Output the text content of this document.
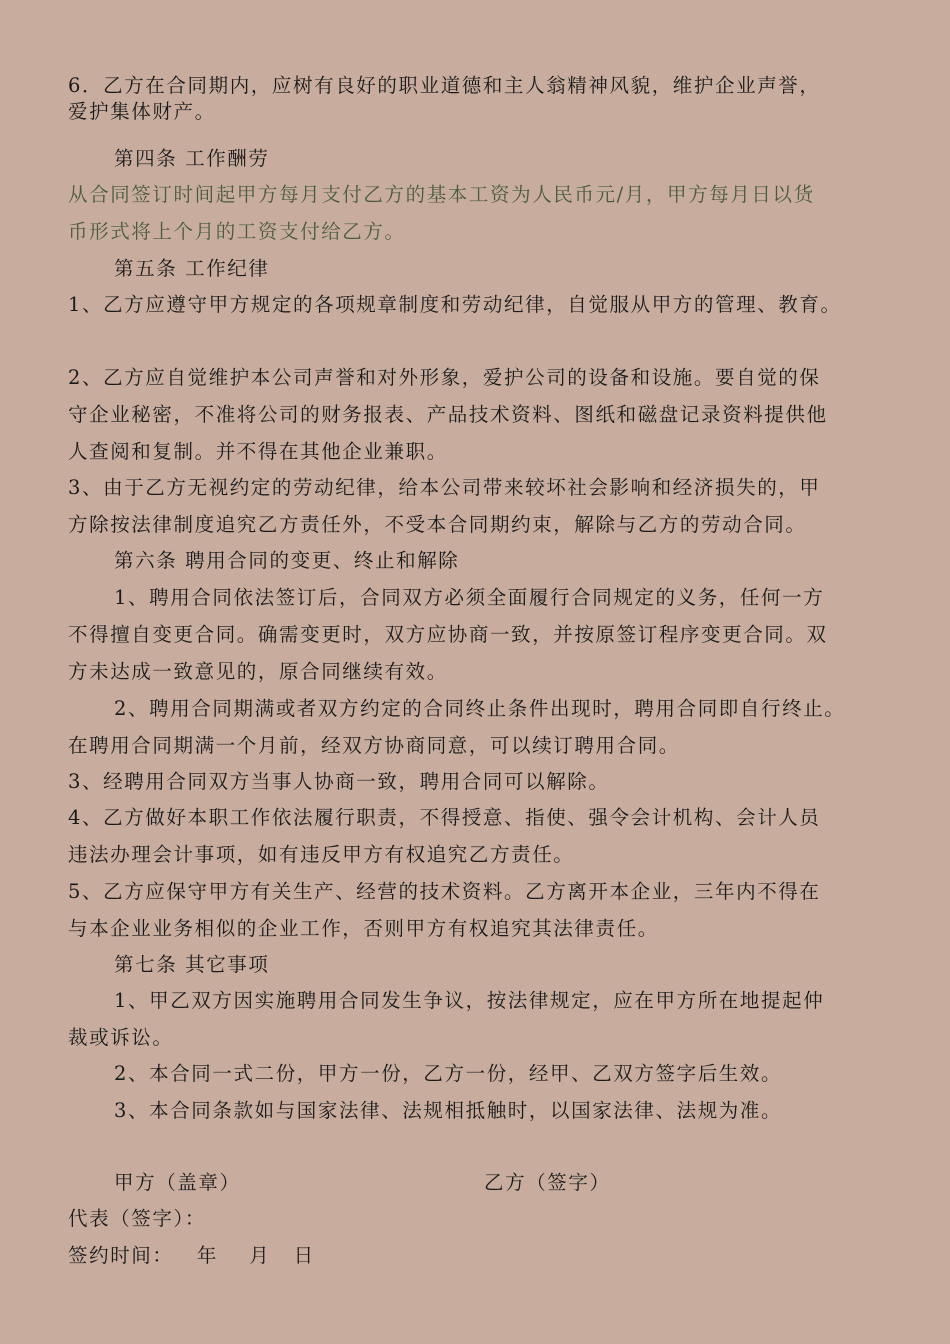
6．乙方在合同期内，应树有良好的职业道德和主人翁精神风貌，维护企业声誉，
爱护集体财产。
第四条 工作酬劳
从合同签订时间起甲方每月支付乙方的基本工资为人民币元/月，甲方每月日以货
币形式将上个月的工资支付给乙方。
第五条 工作纪律
1、乙方应遵守甲方规定的各项规章制度和劳动纪律，自觉服从甲方的管理、教育。
2、乙方应自觉维护本公司声誉和对外形象，爱护公司的设备和设施。要自觉的保
守企业秘密，不准将公司的财务报表、产品技术资料、图纸和磁盘记录资料提供他
人查阅和复制。并不得在其他企业兼职。
3、由于乙方无视约定的劳动纪律，给本公司带来较坏社会影响和经济损失的，甲
方除按法律制度追究乙方责任外，不受本合同期约束，解除与乙方的劳动合同。
第六条 聘用合同的变更、终止和解除
1、聘用合同依法签订后，合同双方必须全面履行合同规定的义务，任何一方
不得擅自变更合同。确需变更时，双方应协商一致，并按原签订程序变更合同。双
方未达成一致意见的，原合同继续有效。
2、聘用合同期满或者双方约定的合同终止条件出现时，聘用合同即自行终止。
在聘用合同期满一个月前，经双方协商同意，可以续订聘用合同。
3、经聘用合同双方当事人协商一致，聘用合同可以解除。
4、乙方做好本职工作依法履行职责，不得授意、指使、强令会计机构、会计人员
违法办理会计事项，如有违反甲方有权追究乙方责任。
5、乙方应保守甲方有关生产、经营的技术资料。乙方离开本企业，三年内不得在
与本企业业务相似的企业工作，否则甲方有权追究其法律责任。
第七条 其它事项
1、甲乙双方因实施聘用合同发生争议，按法律规定，应在甲方所在地提起仲
裁或诉讼。
2、本合同一式二份，甲方一份，乙方一份，经甲、乙双方签字后生效。
3、本合同条款如与国家法律、法规相抵触时，以国家法律、法规为准。
甲方（盖章）	乙方（签字）
代表（签字）：
签约时间：   年    月   日
